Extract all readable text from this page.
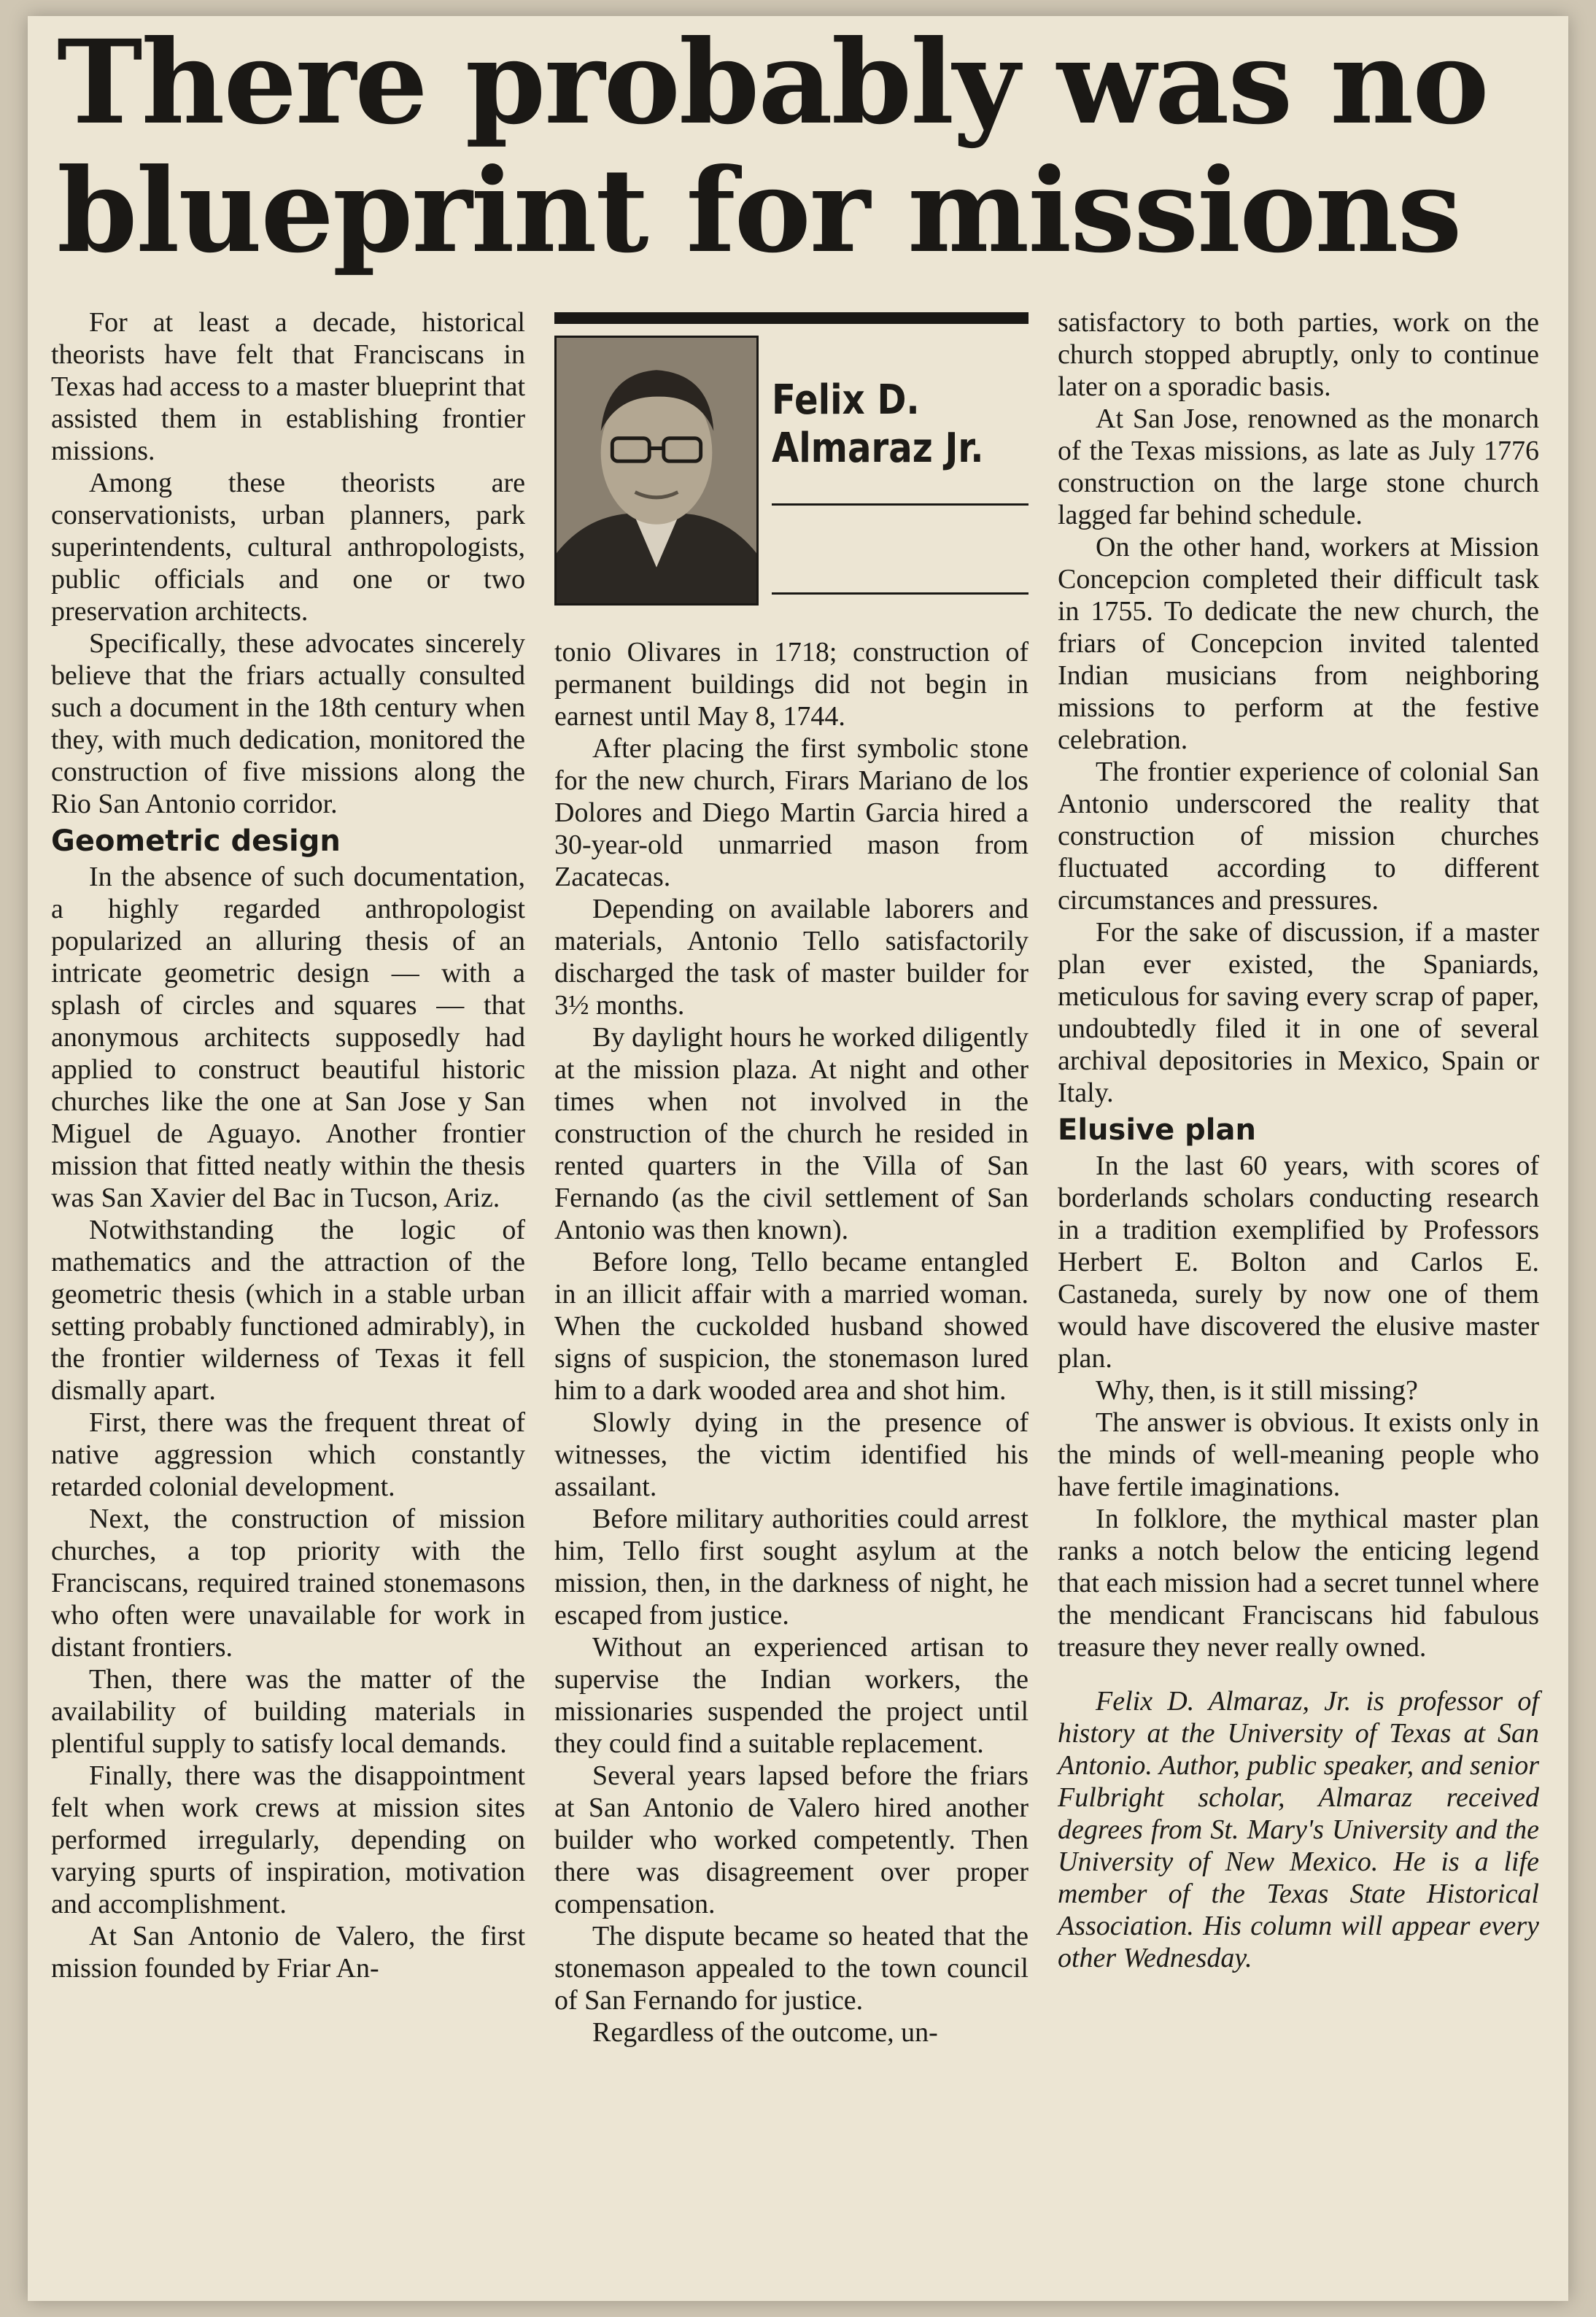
There probably was no blueprint for missions

For at least a decade, historical theorists have felt that Franciscans in Texas had access to a master blueprint that assisted them in establishing frontier missions.

Among these theorists are conservationists, urban planners, park superintendents, cultural anthropologists, public officials and one or two preservation architects.

Specifically, these advocates sincerely believe that the friars actually consulted such a document in the 18th century when they, with much dedication, monitored the construction of five missions along the Rio San Antonio corridor.

Geometric design

In the absence of such documentation, a highly regarded anthropologist popularized an alluring thesis of an intricate geometric design — with a splash of circles and squares — that anonymous architects supposedly had applied to construct beautiful historic churches like the one at San Jose y San Miguel de Aguayo. Another frontier mission that fitted neatly within the thesis was San Xavier del Bac in Tucson, Ariz.

Notwithstanding the logic of mathematics and the attraction of the geometric thesis (which in a stable urban setting probably functioned admirably), in the frontier wilderness of Texas it fell dismally apart.

First, there was the frequent threat of native aggression which constantly retarded colonial development.

Next, the construction of mission churches, a top priority with the Franciscans, required trained stonemasons who often were unavailable for work in distant frontiers.

Then, there was the matter of the availability of building materials in plentiful supply to satisfy local demands.

Finally, there was the disappointment felt when work crews at mission sites performed irregularly, depending on varying spurts of inspiration, motivation and accomplishment.

At San Antonio de Valero, the first mission founded by Friar An-

Felix D.
Almaraz Jr.

tonio Olivares in 1718; construction of permanent buildings did not begin in earnest until May 8, 1744.

After placing the first symbolic stone for the new church, Firars Mariano de los Dolores and Diego Martin Garcia hired a 30-year-old unmarried mason from Zacatecas.

Depending on available laborers and materials, Antonio Tello satisfactorily discharged the task of master builder for 3½ months.

By daylight hours he worked diligently at the mission plaza. At night and other times when not involved in the construction of the church he resided in rented quarters in the Villa of San Fernando (as the civil settlement of San Antonio was then known).

Before long, Tello became entangled in an illicit affair with a married woman. When the cuckolded husband showed signs of suspicion, the stonemason lured him to a dark wooded area and shot him.

Slowly dying in the presence of witnesses, the victim identified his assailant.

Before military authorities could arrest him, Tello first sought asylum at the mission, then, in the darkness of night, he escaped from justice.

Without an experienced artisan to supervise the Indian workers, the missionaries suspended the project until they could find a suitable replacement.

Several years lapsed before the friars at San Antonio de Valero hired another builder who worked competently. Then there was disagreement over proper compensation.

The dispute became so heated that the stonemason appealed to the town council of San Fernando for justice.

Regardless of the outcome, un-

satisfactory to both parties, work on the church stopped abruptly, only to continue later on a sporadic basis.

At San Jose, renowned as the monarch of the Texas missions, as late as July 1776 construction on the large stone church lagged far behind schedule.

On the other hand, workers at Mission Concepcion completed their difficult task in 1755. To dedicate the new church, the friars of Concepcion invited talented Indian musicians from neighboring missions to perform at the festive celebration.

The frontier experience of colonial San Antonio underscored the reality that construction of mission churches fluctuated according to different circumstances and pressures.

For the sake of discussion, if a master plan ever existed, the Spaniards, meticulous for saving every scrap of paper, undoubtedly filed it in one of several archival depositories in Mexico, Spain or Italy.

Elusive plan

In the last 60 years, with scores of borderlands scholars conducting research in a tradition exemplified by Professors Herbert E. Bolton and Carlos E. Castaneda, surely by now one of them would have discovered the elusive master plan.

Why, then, is it still missing?

The answer is obvious. It exists only in the minds of well-meaning people who have fertile imaginations.

In folklore, the mythical master plan ranks a notch below the enticing legend that each mission had a secret tunnel where the mendicant Franciscans hid fabulous treasure they never really owned.

Felix D. Almaraz, Jr. is professor of history at the University of Texas at San Antonio. Author, public speaker, and senior Fulbright scholar, Almaraz received degrees from St. Mary's University and the University of New Mexico. He is a life member of the Texas State Historical Association. His column will appear every other Wednesday.
